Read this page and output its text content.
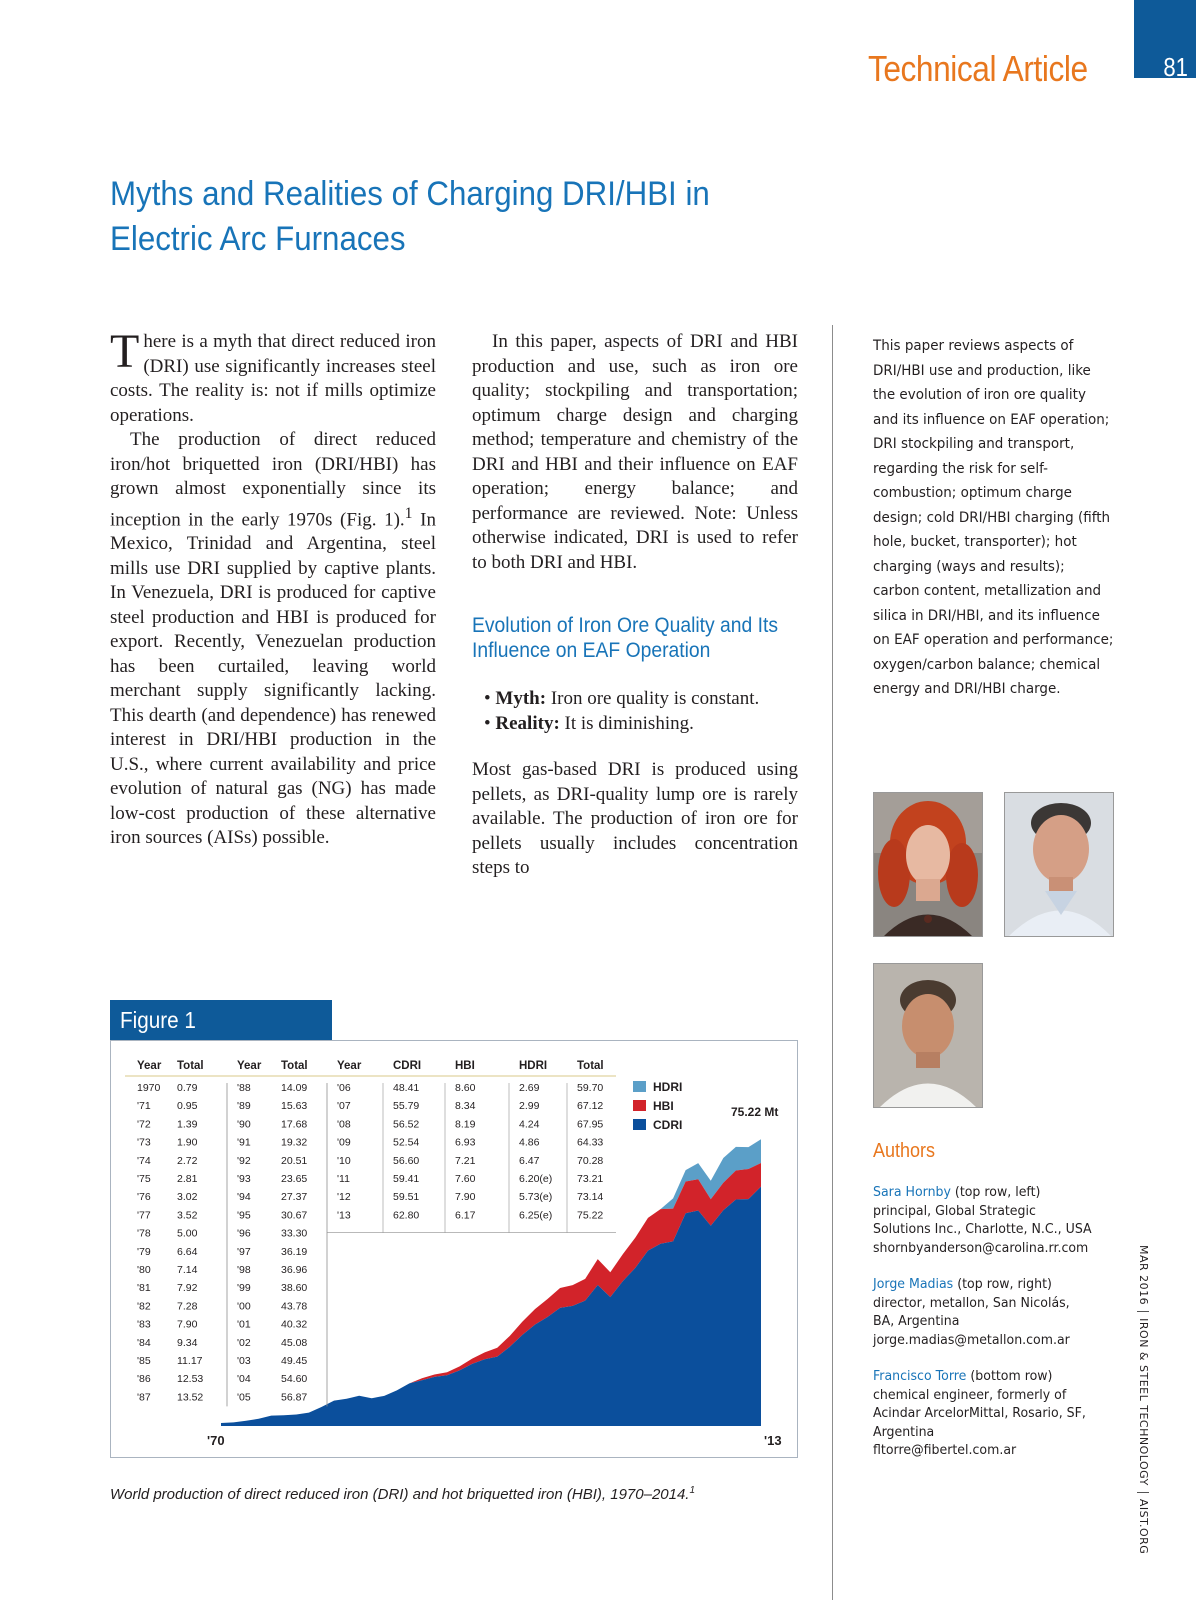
Technical Article	81
Myths and Realities of Charging DRI/HBI in
Electric Arc Furnaces

There is a myth that direct reduced iron (DRI) use significantly increases steel costs. The reality is: not if mills optimize operations.

The production of direct reduced iron/hot briquetted iron (DRI/HBI) has grown almost exponentially since its inception in the early 1970s (Fig. 1).$^1$ In Mexico, Trinidad and Argentina, steel mills use DRI supplied by captive plants. In Venezuela, DRI is produced for captive steel production and HBI is produced for export. Recently, Venezuelan production has been curtailed, leaving world merchant supply significantly lacking. This dearth (and dependence) has renewed interest in DRI/HBI production in the U.S., where current availability and price evolution of natural gas (NG) has made low-cost production of these alternative iron sources (AISs) possible.

In this paper, aspects of DRI and HBI production and use, such as iron ore quality; stockpiling and transportation; optimum charge design and charging method; temperature and chemistry of the DRI and HBI and their influence on EAF operation; energy balance; and performance are reviewed. Note: Unless otherwise indicated, DRI is used to refer to both DRI and HBI.

Evolution of Iron Ore Quality and Its Influence on EAF Operation

• Myth: Iron ore quality is constant.

• Reality: It is diminishing.

Most gas-based DRI is produced using pellets, as DRI-quality lump ore is rarely available. The production of iron ore for pellets usually includes concentration steps to

This paper reviews aspects of DRI/HBI use and production, like the evolution of iron ore quality and its influence on EAF operation; DRI stockpiling and transport, regarding the risk for self-combustion; optimum charge design; cold DRI/HBI charging (fifth hole, bucket, transporter); hot charging (ways and results); carbon content, metallization and silica in DRI/HBI, and its influence on EAF operation and performance; oxygen/carbon balance; chemical energy and DRI/HBI charge.
Authors
Sara Hornby (top row, left)
principal, Global Strategic
Solutions Inc., Charlotte, N.C., USA
shornbyanderson@carolina.rr.com
Jorge Madias (top row, right)
director, metallon, San Nicolás,
BA, Argentina
jorge.madias@metallon.com.ar
Francisco Torre (bottom row)
chemical engineer, formerly of
Acindar ArcelorMittal, Rosario, SF,
Argentina
fltorre@fibertel.com.ar
MAR 2016IRON & STEEL TECHNOLOGYAIST.ORG
Figure 1
Year Total	Year Total	Year	CDRI	HBI	HDRI	Total
1970 0.79
'71	0.95
'72	1.39
'73	1.90
'74	2.72
'75	2.81
'76	3.02
'77	3.52
'78	5.00
'79	6.64
'80	7.14
'81	7.92
'82	7.28
'83	7.90
'84	9.34
'85	11.17
'86	12.53
'87	13.52
'88	14.09
'89	15.63
'90	17.68
'91	19.32
'92	20.51
'93	23.65
'94	27.37
'95	30.67
'96	33.30
'97	36.19
'98	36.96
'99	38.60
'00	43.78
'01	40.32
'02	45.08
'03	49.45
'04	54.60
'05	56.87
'06	48.41	8.60	2.69	59.70
'07	55.79	8.34	2.99	67.12
'08	56.52	8.19	4.24	67.95
'09	52.54	6.93	4.86	64.33
'10	56.60	7.21	6.47	70.28
'11	59.41	7.60	6.20(e) 73.21
'12	59.51	7.90	5.73(e) 73.14
'13	62.80	6.17	6.25(e) 75.22
HDRI
HBI
CDRI
75.22 Mt
'70	'13
World production of direct reduced iron (DRI) and hot briquetted iron (HBI), 1970–2014.$^1$
